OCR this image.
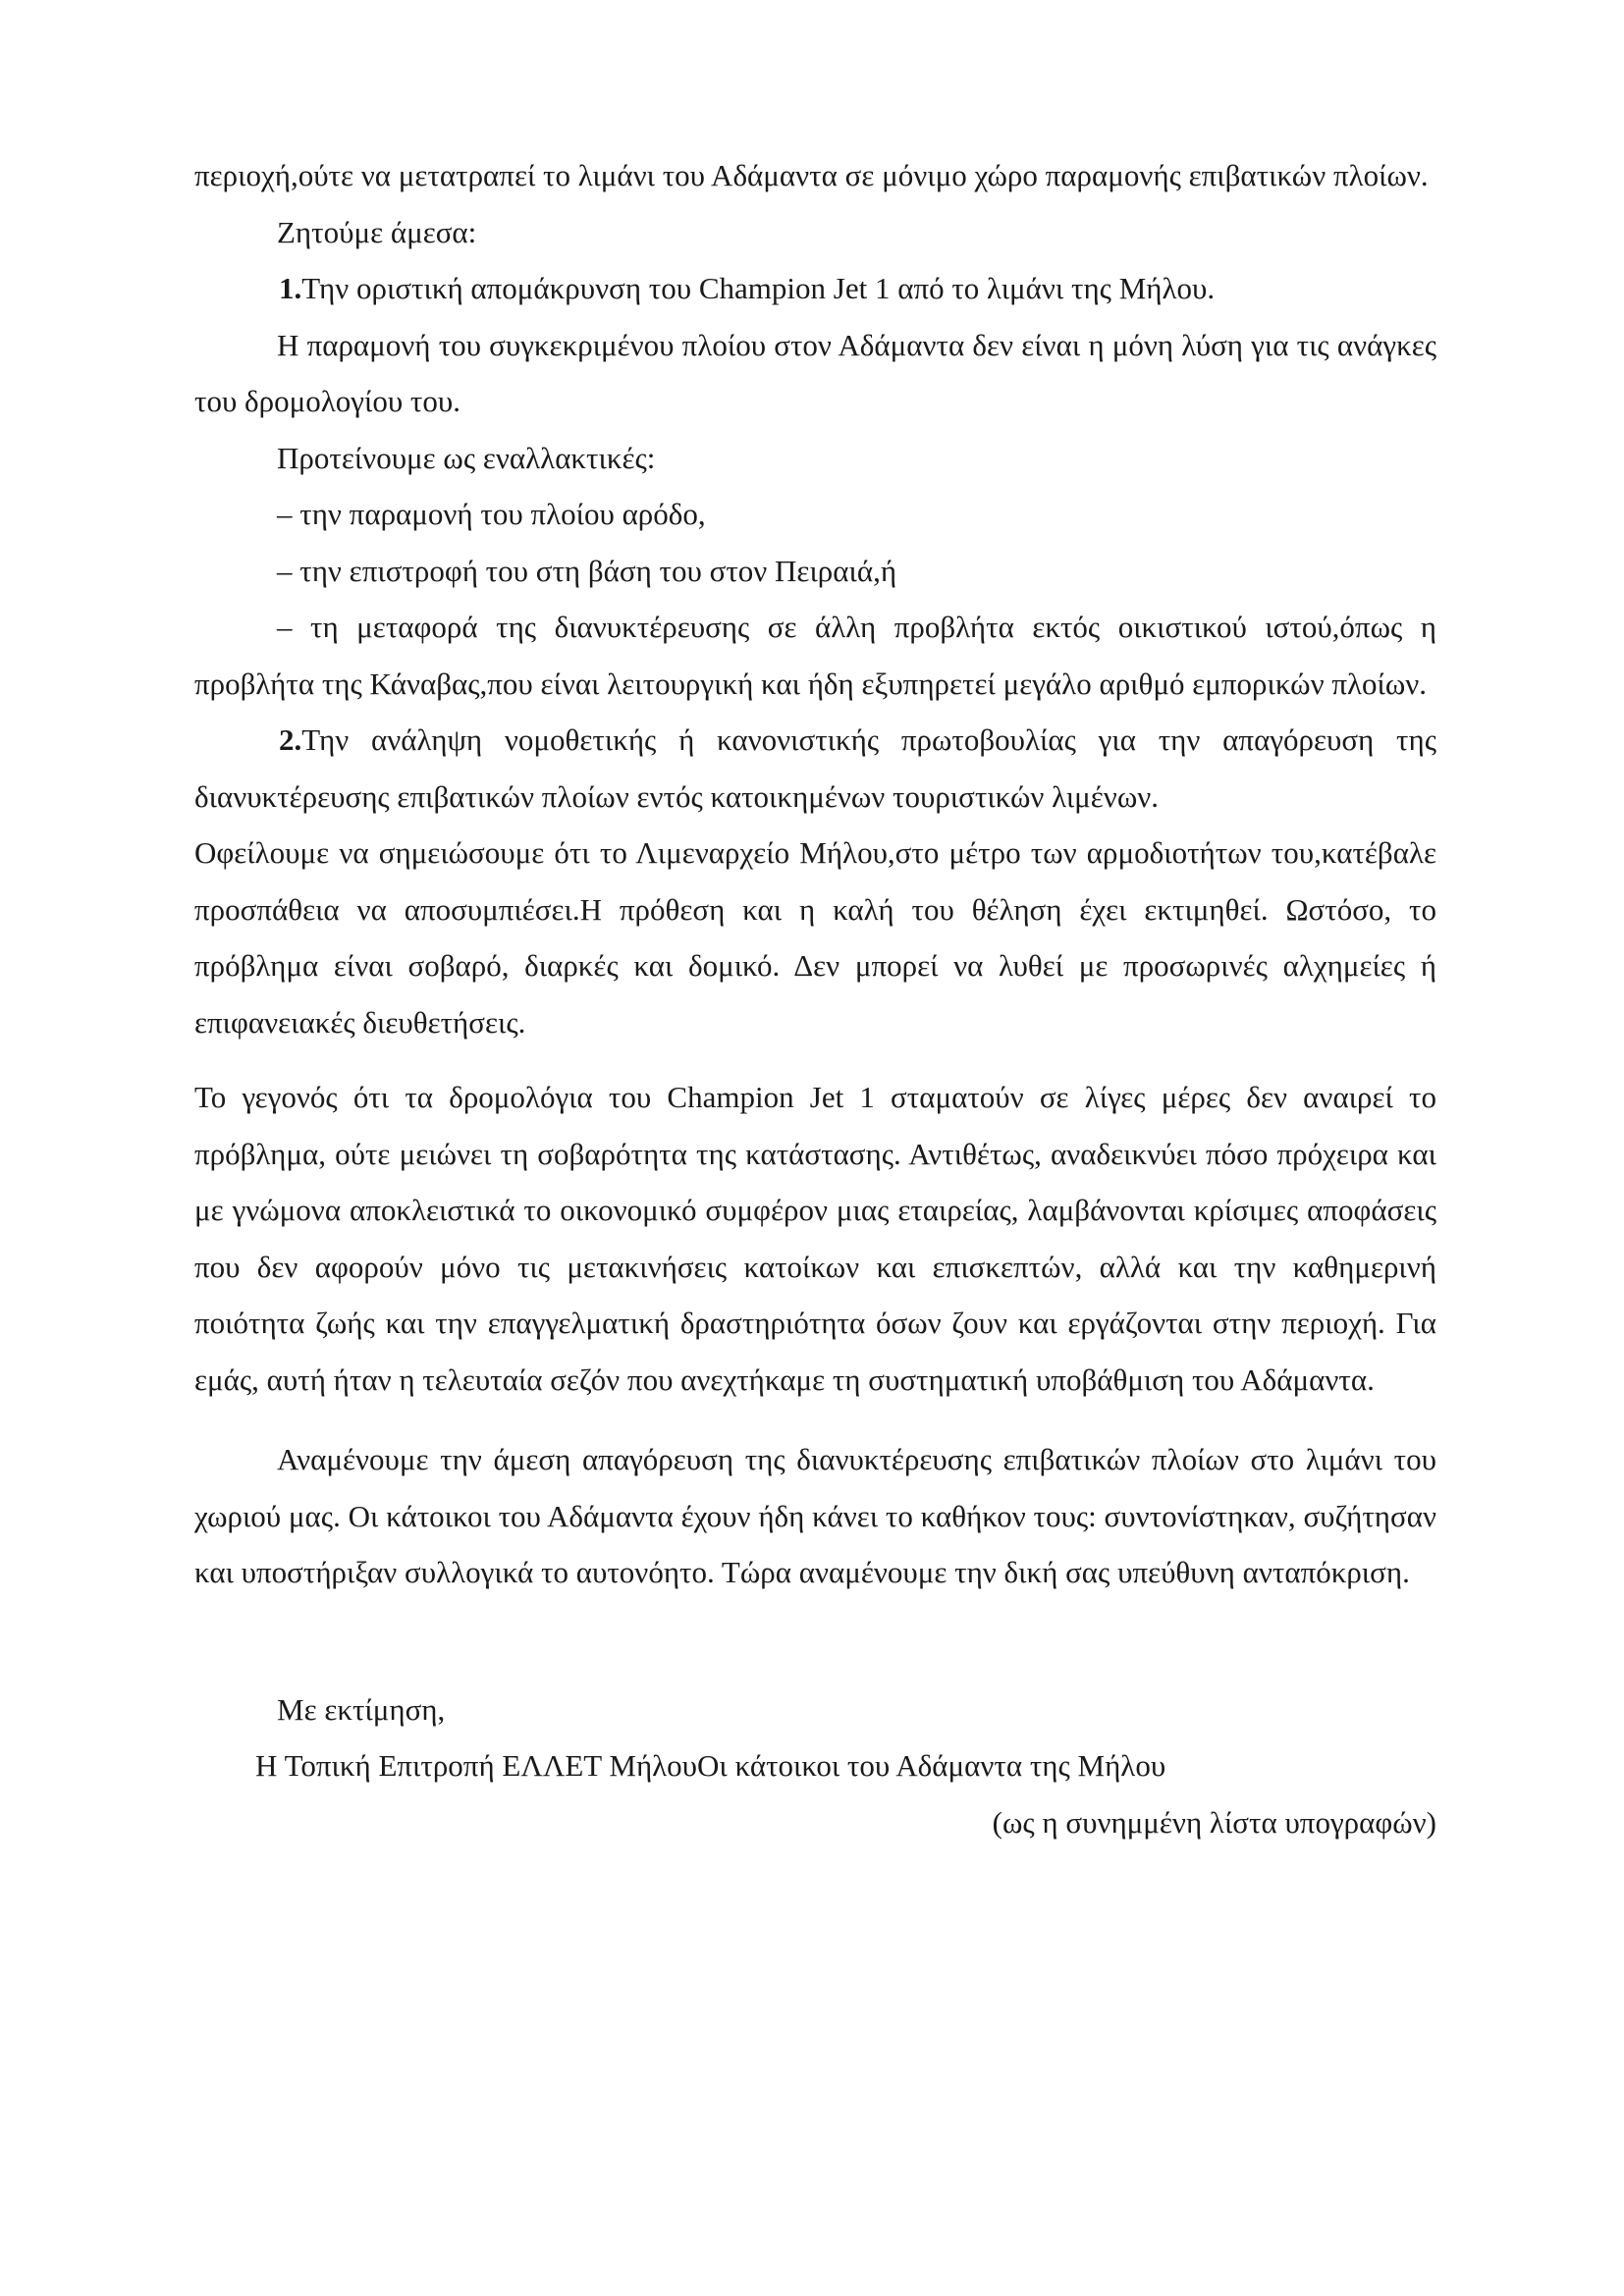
περιοχή,ούτε να μετατραπεί το λιμάνι του Αδάμαντα σε μόνιμο χώρο παραμονής επιβατικών πλοίων.

Ζητούμε άμεσα:

1.Την οριστική απομάκρυνση του Champion Jet 1 από το λιμάνι της Μήλου.

Η παραμονή του συγκεκριμένου πλοίου στον Αδάμαντα δεν είναι η μόνη λύση για τις ανάγκες του δρομολογίου του.

Προτείνουμε ως εναλλακτικές:

– την παραμονή του πλοίου αρόδο,

– την επιστροφή του στη βάση του στον Πειραιά,ή

– τη μεταφορά της διανυκτέρευσης σε άλλη προβλήτα εκτός οικιστικού ιστού,όπως η προβλήτα της Κάναβας,που είναι λειτουργική και ήδη εξυπηρετεί μεγάλο αριθμό εμπορικών πλοίων.

2.Την ανάληψη νομοθετικής ή κανονιστικής πρωτοβουλίας για την απαγόρευση της διανυκτέρευσης επιβατικών πλοίων εντός κατοικημένων τουριστικών λιμένων.

Οφείλουμε να σημειώσουμε ότι το Λιμεναρχείο Μήλου,στο μέτρο των αρμοδιοτήτων του,κατέβαλε προσπάθεια να αποσυμπιέσει.Η πρόθεση και η καλή του θέληση έχει εκτιμηθεί. Ωστόσο, το πρόβλημα είναι σοβαρό, διαρκές και δομικό. Δεν μπορεί να λυθεί με προσωρινές αλχημείες ή επιφανειακές διευθετήσεις.

Το γεγονός ότι τα δρομολόγια του Champion Jet 1 σταματούν σε λίγες μέρες δεν αναιρεί το πρόβλημα, ούτε μειώνει τη σοβαρότητα της κατάστασης. Αντιθέτως, αναδεικνύει πόσο πρόχειρα και με γνώμονα αποκλειστικά το οικονομικό συμφέρον μιας εταιρείας, λαμβάνονται κρίσιμες αποφάσεις που δεν αφορούν μόνο τις μετακινήσεις κατοίκων και επισκεπτών, αλλά και την καθημερινή ποιότητα ζωής και την επαγγελματική δραστηριότητα όσων ζουν και εργάζονται στην περιοχή. Για εμάς, αυτή ήταν η τελευταία σεζόν που ανεχτήκαμε τη συστηματική υποβάθμιση του Αδάμαντα.

Αναμένουμε την άμεση απαγόρευση της διανυκτέρευσης επιβατικών πλοίων στο λιμάνι του χωριού μας. Οι κάτοικοι του Αδάμαντα έχουν ήδη κάνει το καθήκον τους: συντονίστηκαν, συζήτησαν και υποστήριξαν συλλογικά το αυτονόητο. Τώρα αναμένουμε την δική σας υπεύθυνη ανταπόκριση.

Με εκτίμηση,

Η Τοπική Επιτροπή ΕΛΛΕΤ ΜήλουΟι κάτοικοι του Αδάμαντα της Μήλου

(ως η συνημμένη λίστα υπογραφών)
